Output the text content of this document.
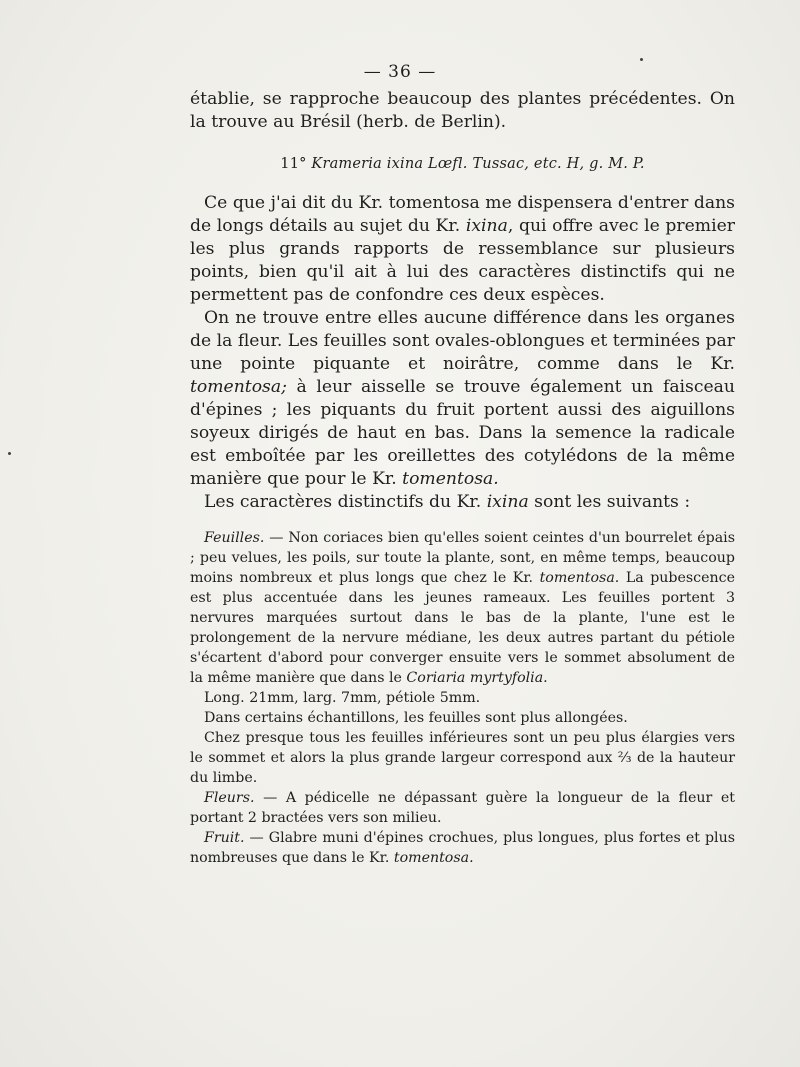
— 36 —

établie, se rapproche beaucoup des plantes précédentes. On la trouve au Brésil (herb. de Berlin).

11° Krameria ixina Lœfl. Tussac, etc. H, g. M. P.

Ce que j'ai dit du Kr. tomentosa me dispensera d'entrer dans de longs détails au sujet du Kr. ixina, qui offre avec le premier les plus grands rapports de ressemblance sur plusieurs points, bien qu'il ait à lui des caractères distinctifs qui ne permettent pas de confondre ces deux espèces.

On ne trouve entre elles aucune différence dans les organes de la fleur. Les feuilles sont ovales-oblongues et terminées par une pointe piquante et noirâtre, comme dans le Kr. tomentosa; à leur aisselle se trouve également un faisceau d'épines ; les piquants du fruit portent aussi des aiguillons soyeux dirigés de haut en bas. Dans la semence la radicale est emboîtée par les oreillettes des cotylédons de la même manière que pour le Kr. tomentosa.

Les caractères distinctifs du Kr. ixina sont les suivants :

Feuilles. — Non coriaces bien qu'elles soient ceintes d'un bourrelet épais ; peu velues, les poils, sur toute la plante, sont, en même temps, beaucoup moins nombreux et plus longs que chez le Kr. tomentosa. La pubescence est plus accentuée dans les jeunes rameaux. Les feuilles portent 3 nervures marquées surtout dans le bas de la plante, l'une est le prolongement de la nervure médiane, les deux autres partant du pétiole s'écartent d'abord pour converger ensuite vers le sommet absolument de la même manière que dans le Coriaria myrtyfolia.

Long. 21mm, larg. 7mm, pétiole 5mm.

Dans certains échantillons, les feuilles sont plus allongées.

Chez presque tous les feuilles inférieures sont un peu plus élargies vers le sommet et alors la plus grande largeur correspond aux ⅔ de la hauteur du limbe.

Fleurs. — A pédicelle ne dépassant guère la longueur de la fleur et portant 2 bractées vers son milieu.

Fruit. — Glabre muni d'épines crochues, plus longues, plus fortes et plus nombreuses que dans le Kr. tomentosa.
